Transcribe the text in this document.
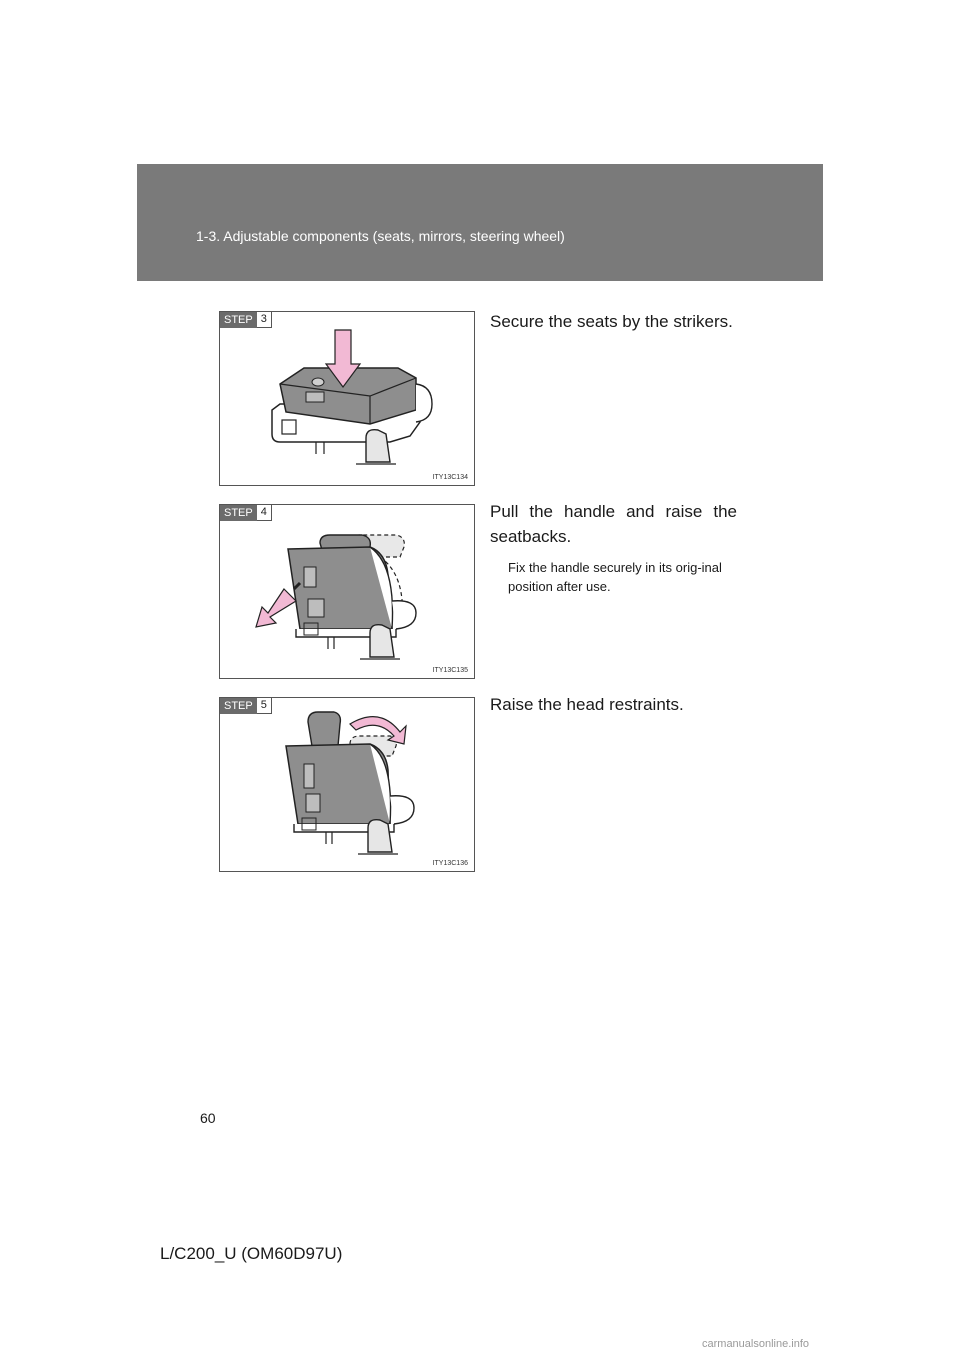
1-3. Adjustable components (seats, mirrors, steering wheel)
STEP 3
ITY13C134
Secure the seats by the strikers.
STEP 4
ITY13C135
Pull the handle and raise the seatbacks.
Fix the handle securely in its orig-inal position after use.
STEP 5
ITY13C136
Raise the head restraints.
60
L/C200_U (OM60D97U)
carmanualsonline.info
